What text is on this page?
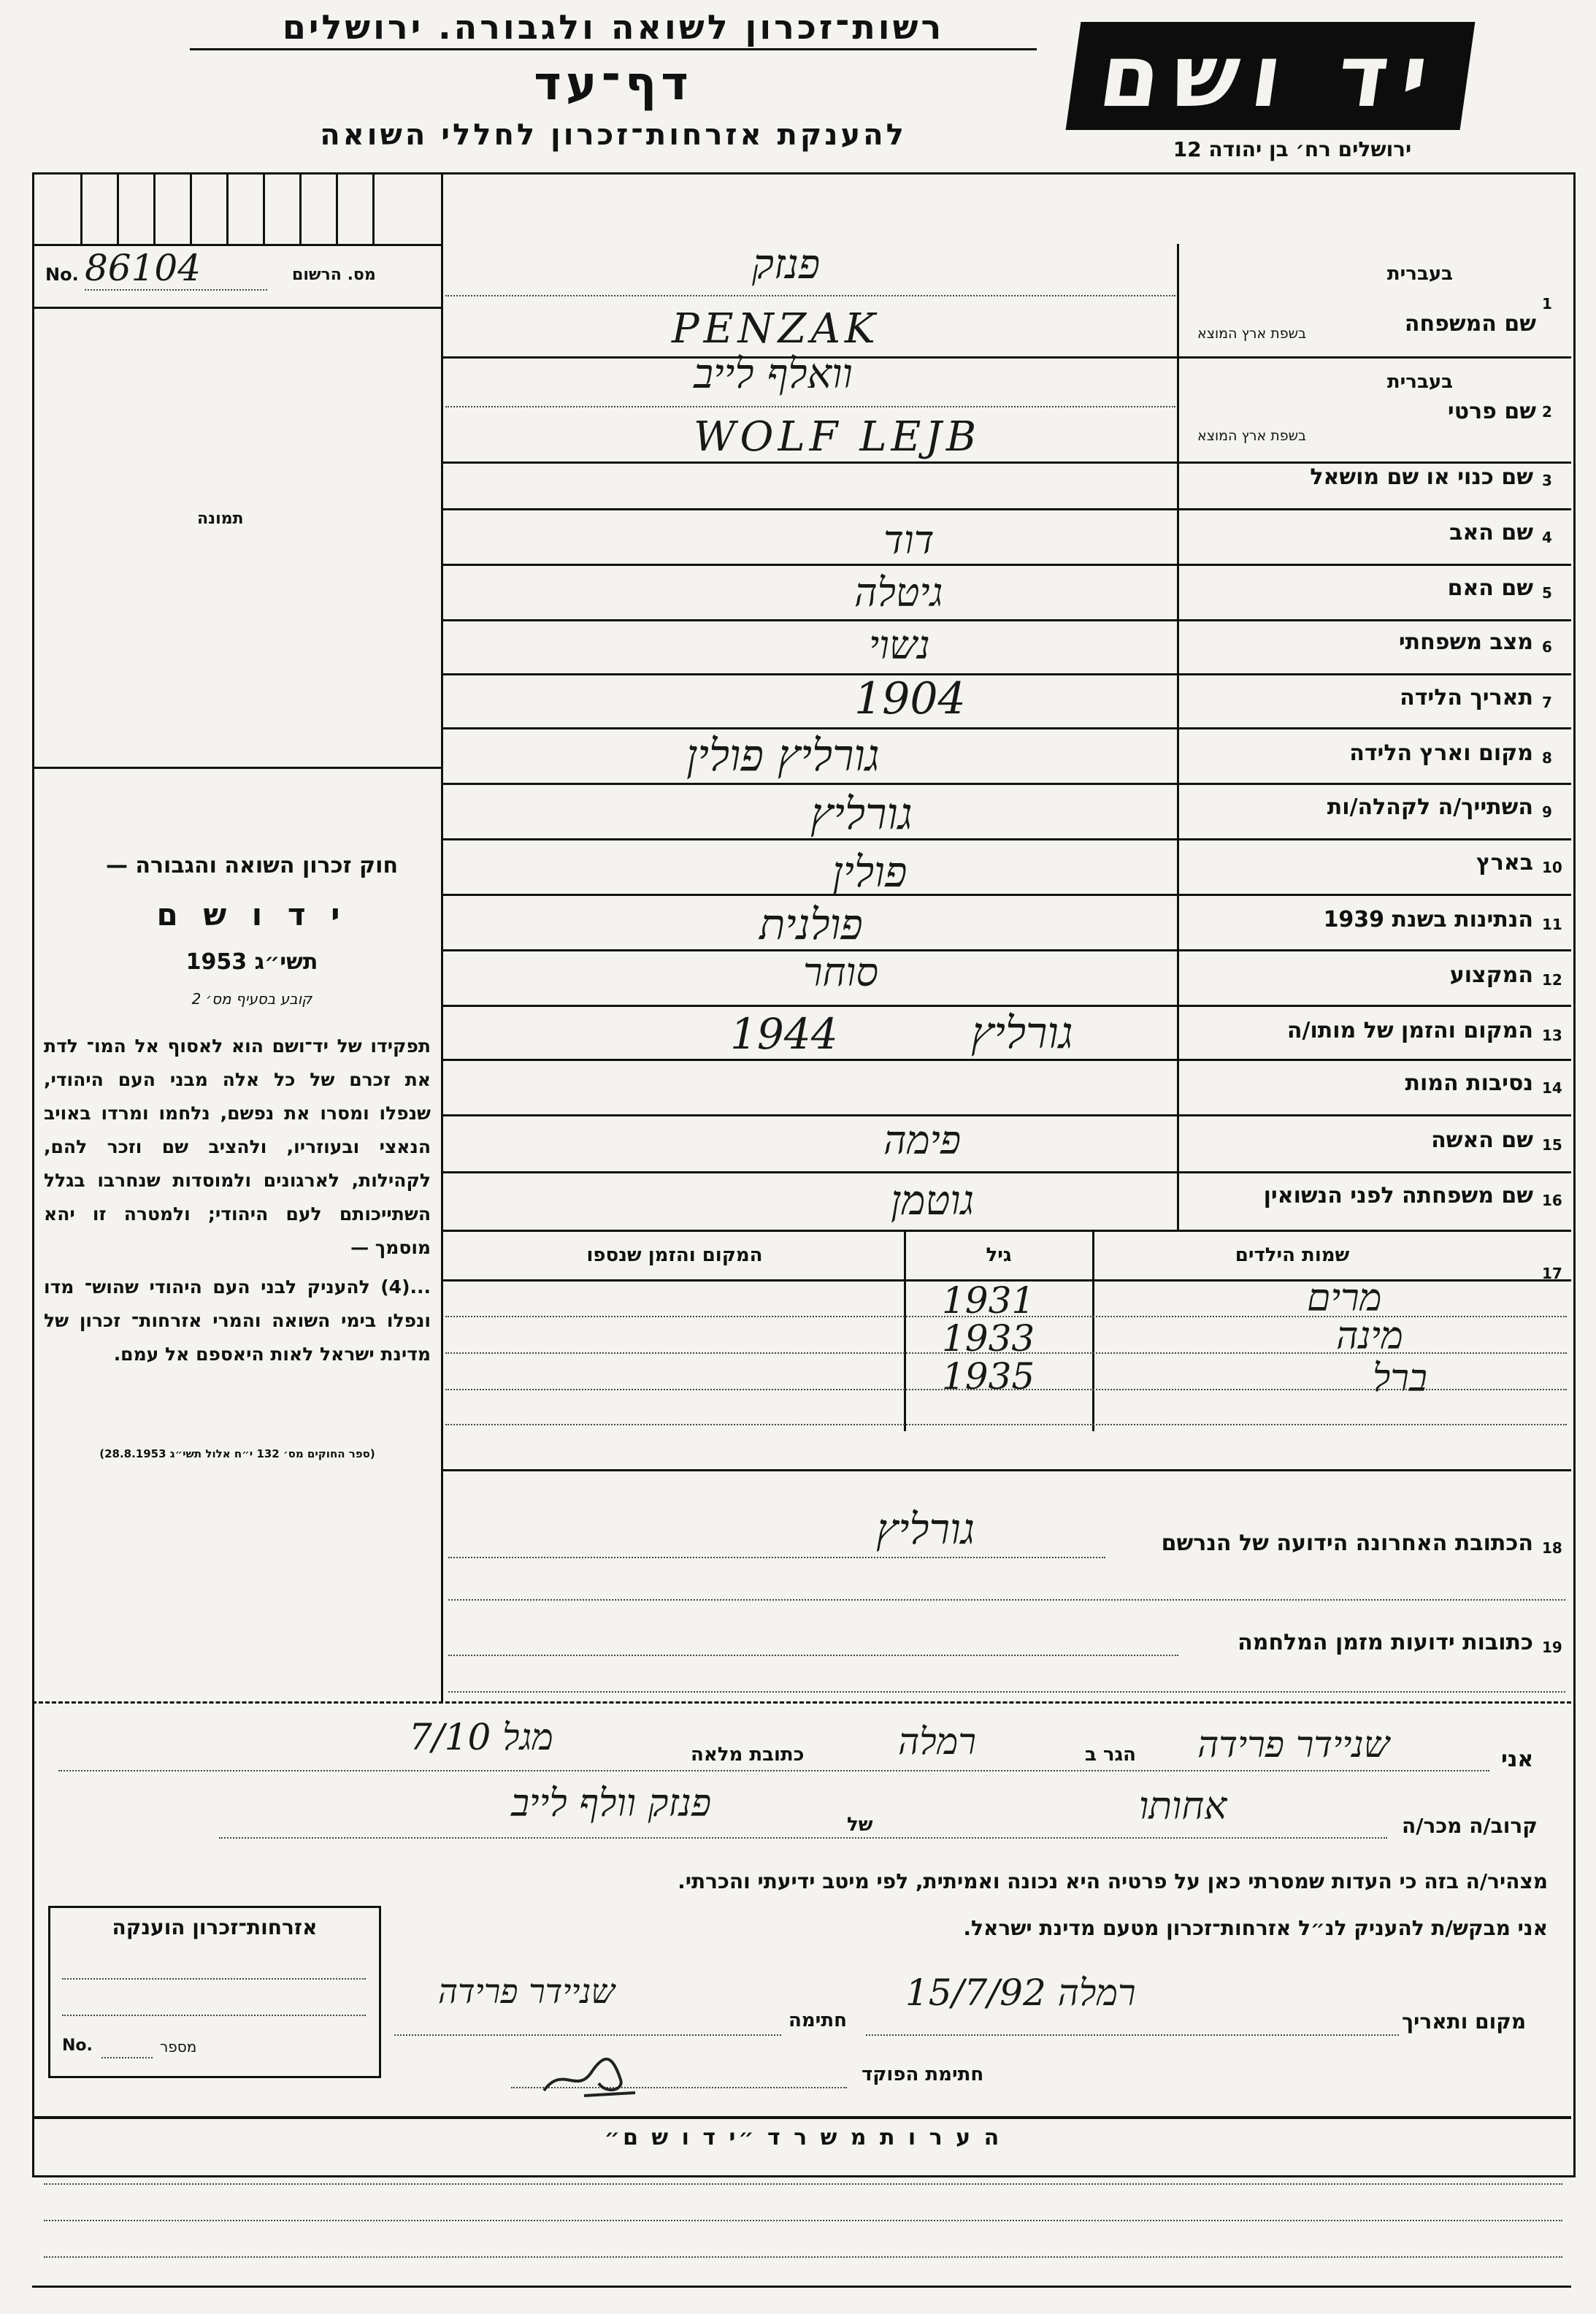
רשות־זכרון לשואה ולגבורה. ירושלים
דף־עד
להענקת אזרחות־זכרון לחללי השואה
יד ושם
ירושלים רח׳ בן יהודה 12
No. 86104	מס. הרשום
תמונה
חוק זכרון השואה והגבורה —
י ד ו ש ם
תשי״ג 1953
קובע בסעיף מס׳ 2
תפקידו של יד־ושם הוא לאסוף אל המו־ לדת את זכרם של כל אלה מבני העם היהודי, שנפלו ומסרו את נפשם, נלחמו ומרדו באויב הנאצי ובעוזריו, ולהציב שם וזכר להם, לקהילות, לארגונים ולמוסדות שנחרבו בגלל השתייכותם לעם היהודי; ולמטרה זו יהא מוסמך —
...(4) להעניק לבני העם היהודי שהוש־ מדו ונפלו בימי השואה והמרי אזרחות־ זכרון של מדינת ישראל לאות היאספם אל עמם.
(ספר החוקים מס׳ 132 י״ח אלול תשי״ג 28.8.1953)
1
שם המשפחה
בעברית
בשפת ארץ המוצא
פנזק
PENZAK
2
שם פרטי
בעברית
בשפת ארץ המוצא
וואלף לייב
WOLF LEJB
3
שם כנוי או שם מושאל
4
שם האב
דוד
5
שם האם
גיטלה
6
מצב משפחתי
נשוי
7
תאריך הלידה
1904
8
מקום וארץ הלידה
גורליץ פולין
9
השתייך/ה לקהלה/ות
גורליץ
10
בארץ
פולין
11
הנתינות בשנת 1939
פולנית
12
המקצוע
סוחר
13
המקום והזמן של מותו/ה
גורליץ
1944
14
נסיבות המות
15
שם האשה
פימה
16
שם משפחתה לפני הנשואין
גוטמן
17
שמות הילדים
גיל
המקום והזמן שנספו
מרים
1931
מינה
1933
ברל
1935
18
הכתובת האחרונה הידועה של הנרשם
גורליץ
19
כתובות ידועות מזמן המלחמה
אני
שניידר פרידה
הגר ב
רמלה
כתובת מלאה
מגל 7/10
קרוב/ה מכר/ה
אחותו
של
פנזק וולף לייב
מצהיר/ה בזה כי העדות שמסרתי כאן על פרטיה היא נכונה ואמיתית, לפי מיטב ידיעתי והכרתי.
אני מבקש/ת להעניק לנ״ל אזרחות־זכרון מטעם מדינת ישראל.
מקום ותאריך
רמלה 15/7/92
חתימה
שניידר פרידה
חתימת הפוקד
אזרחות־זכרון הוענקה
No.	מספר
ה ע ר ו ת מ ש ר ד ״י ד ו ש ם״
